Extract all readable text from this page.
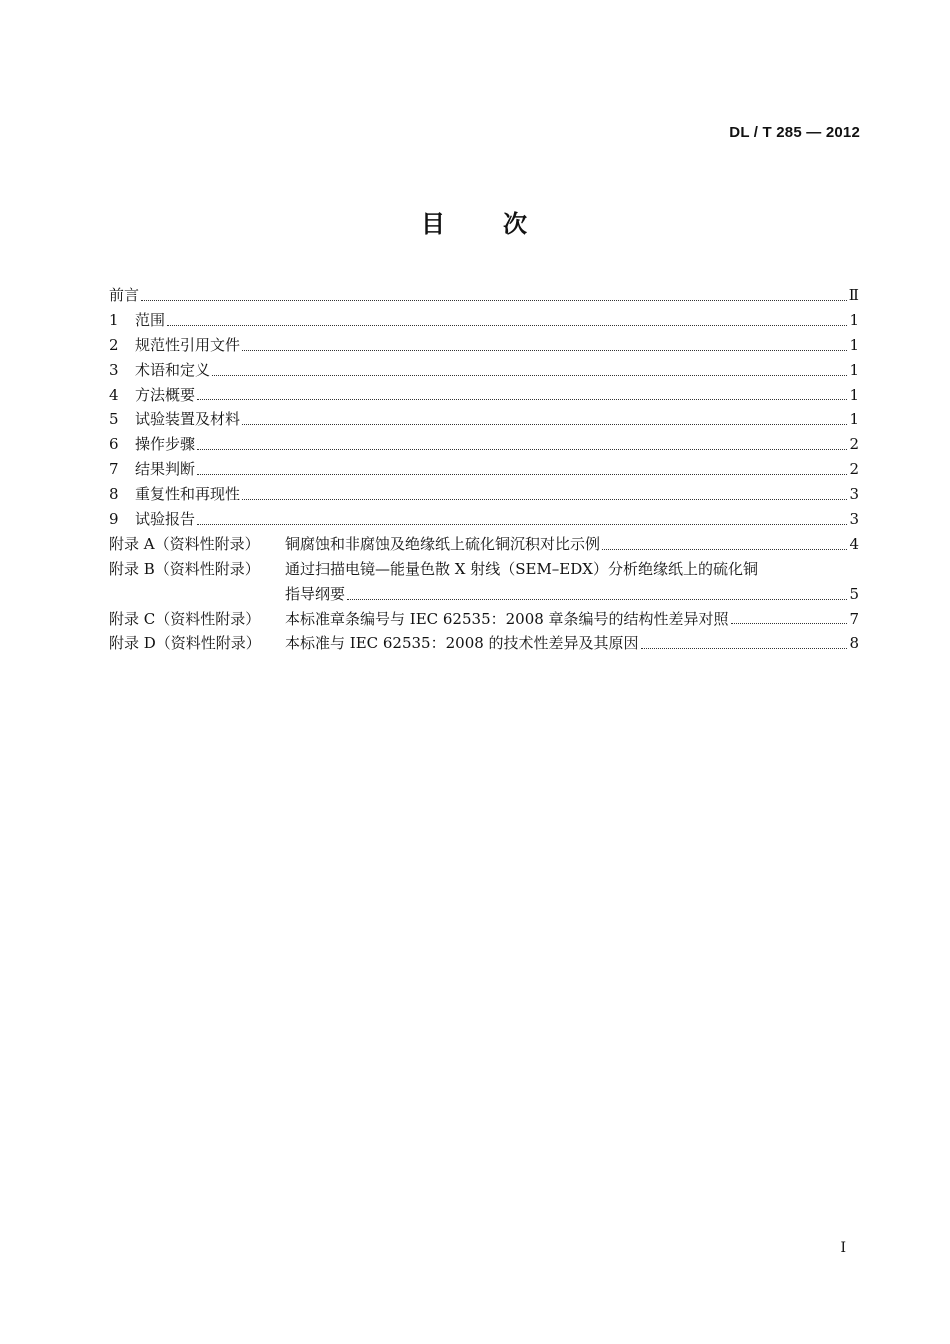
DL / T 285 — 2012
目 次
前言	Ⅱ
1 范围	1
2 规范性引用文件	1
3 术语和定义	1
4 方法概要	1
5 试验装置及材料	1
6 操作步骤	2
7 结果判断	2
8 重复性和再现性	3
9 试验报告	3
附录 A（资料性附录） 铜腐蚀和非腐蚀及绝缘纸上硫化铜沉积对比示例	4
附录 B（资料性附录） 通过扫描电镜—能量色散 X 射线（SEM–EDX）分析绝缘纸上的硫化铜
指导纲要	5
附录 C（资料性附录） 本标准章条编号与 IEC 62535：2008 章条编号的结构性差异对照	7
附录 D（资料性附录） 本标准与 IEC 62535：2008 的技术性差异及其原因	8
I
